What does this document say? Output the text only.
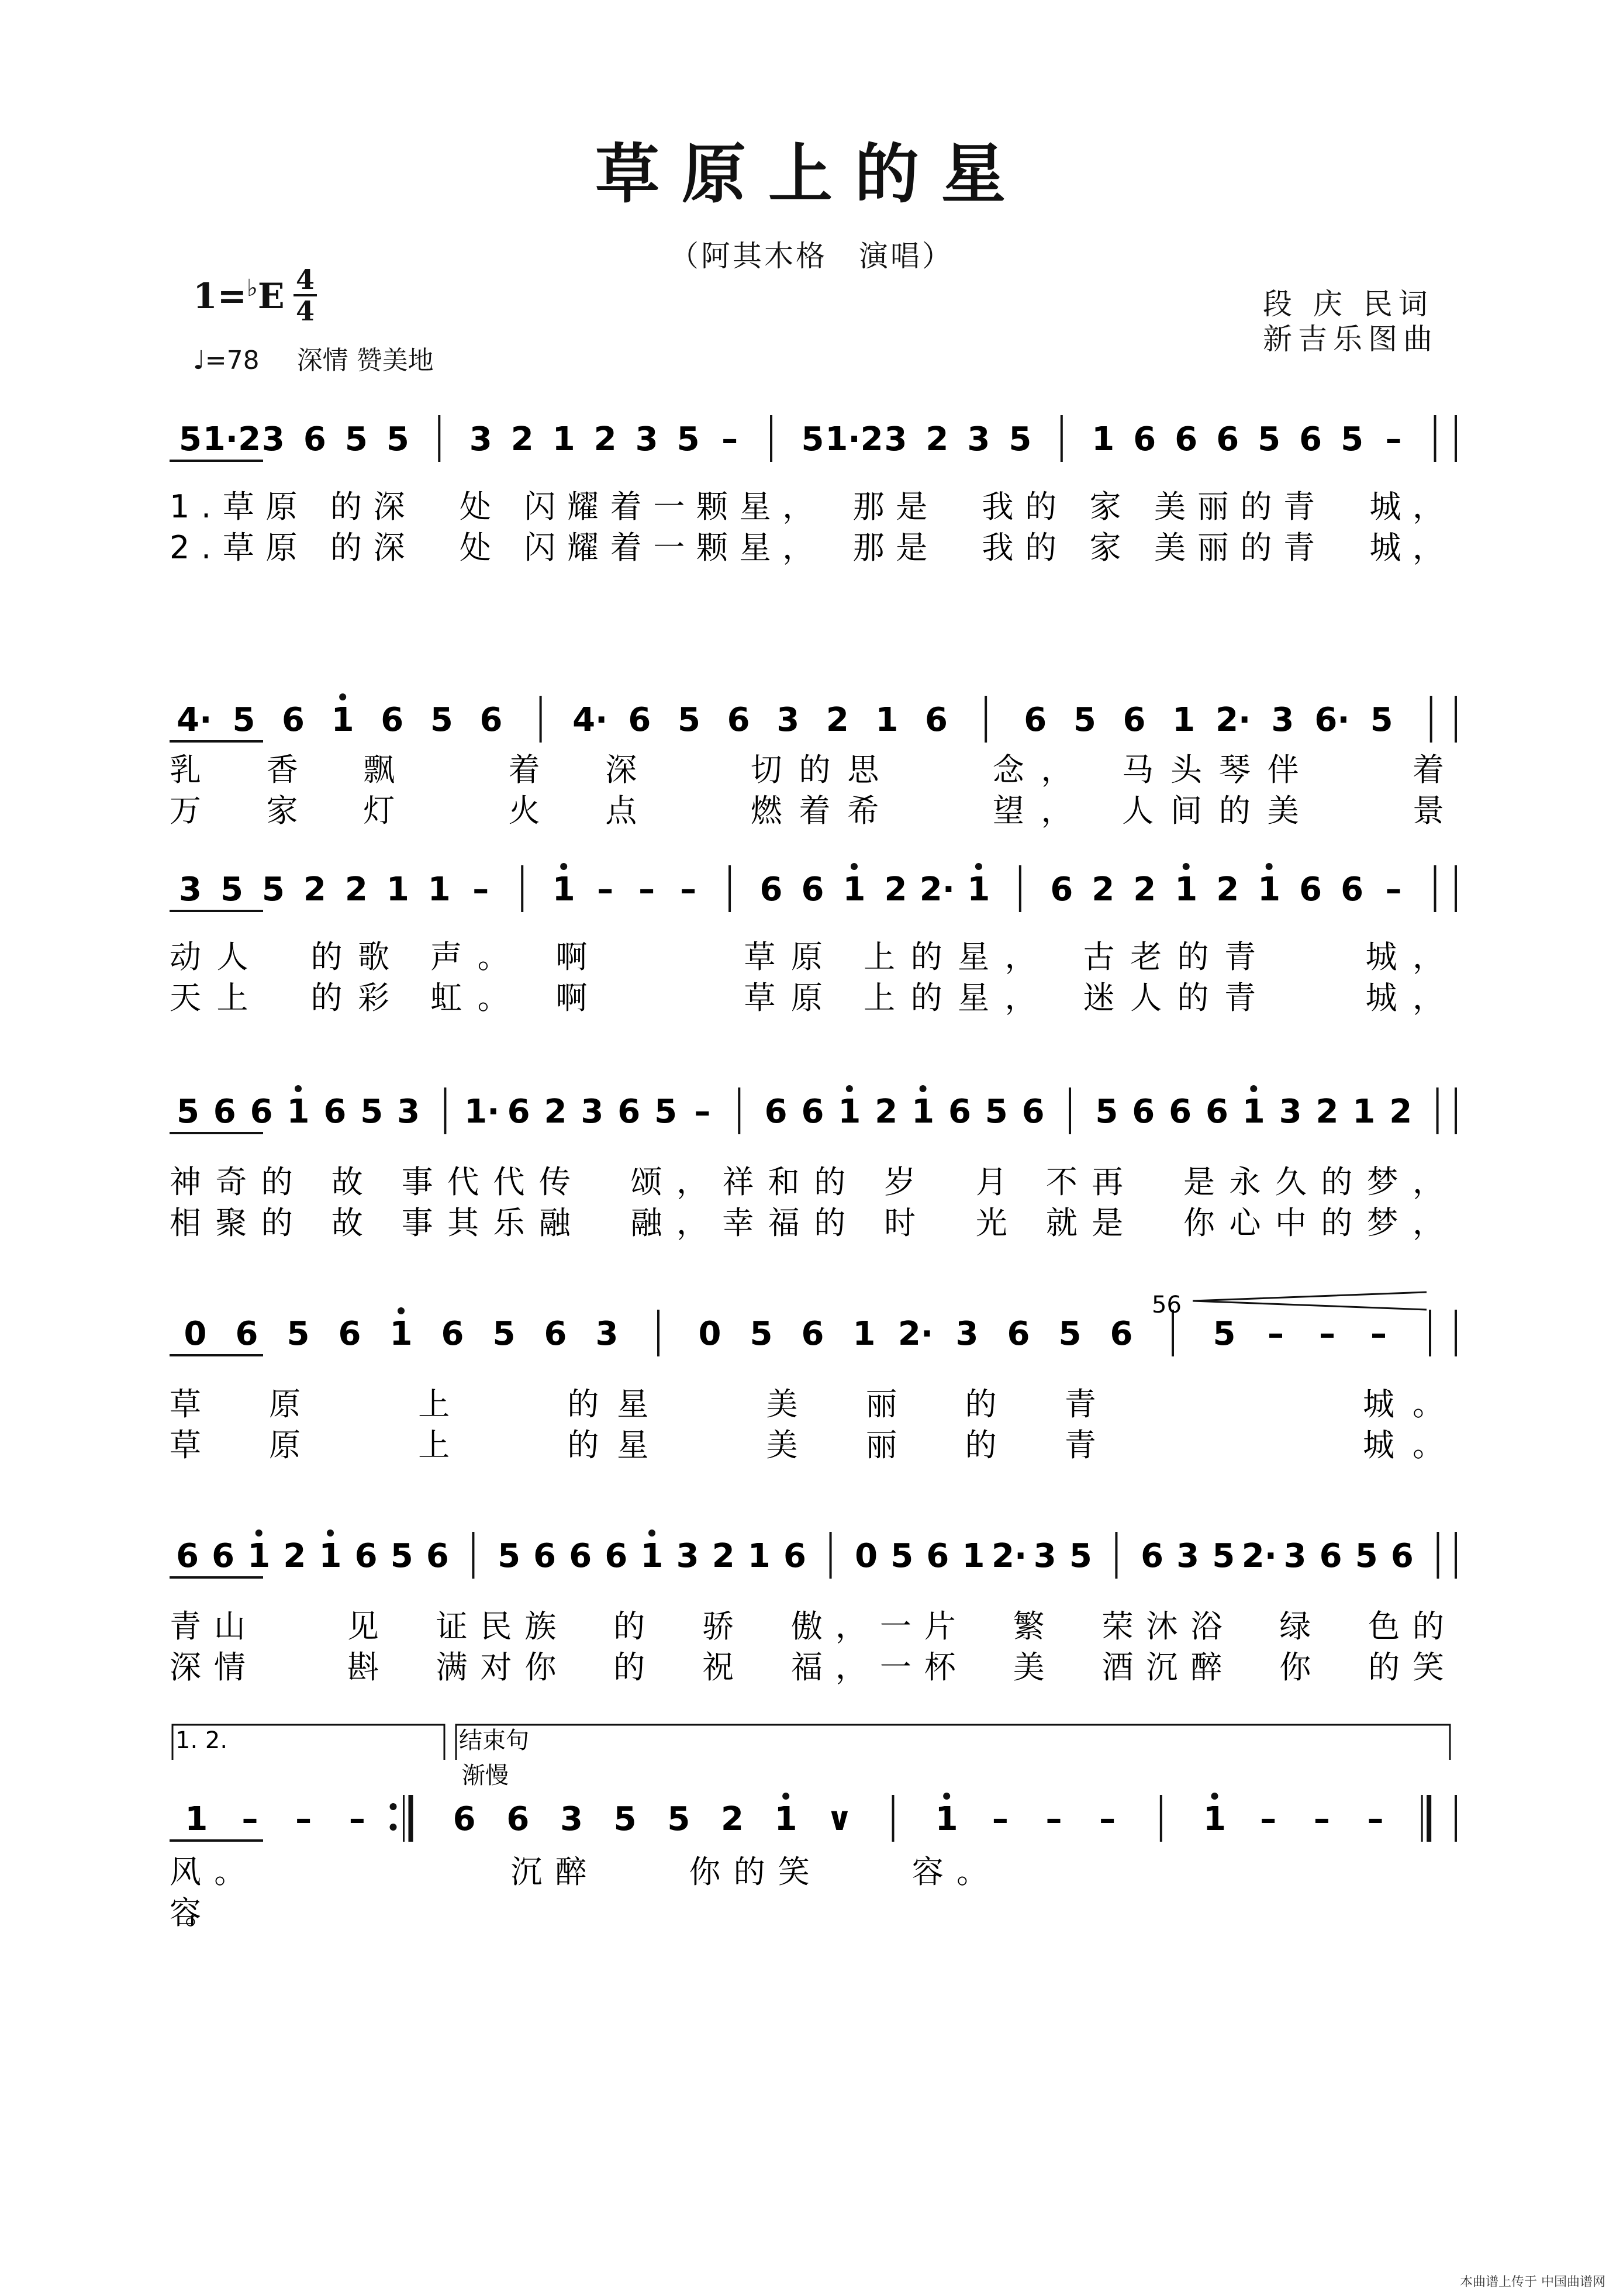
草原上的星
（阿其木格　演唱）
1=♭E 4
4
♩=78 深情 赞美地
段 庆 民词
新吉乐图曲
5 1·2 3 6 5 5 3 2 1 2 3 5 – 5 1·2 3 2 3 5 1 6 6 6 5 6 5 –
1.草原 的深　处 闪耀着一颗星，　那是　我的 家 美丽的青　城，
2.草原 的深　处 闪耀着一颗星，　那是　我的 家 美丽的青　城，
4· 5 6 1 6 5 6 4· 6 5 6 3 2 1 6 6 5 6 1 2· 3 6· 5
乳　香　飘　　着　深　　切的思　　念，　马头琴伴　　着
万　家　灯　　火　点　　燃着希　　望，　人间的美　　景
3 5 5 2 2 1 1 – 1 – – – 6 6 1 2 2· 1 6 2 2 1 2 1 6 6 –
动人　的歌 声。　啊　　　草原 上的星，　古老的青　　城，
天上　的彩 虹。　啊　　　草原 上的星，　迷人的青　　城，
5 6 6 1 6 5 3 1· 6 2 3 6 5 – 6 6 1 2 1 6 5 6 5 6 6 6 1 3 2 1 2
神奇的 故 事代代传　颂，祥和的 岁　月 不再　是永久的梦，
相聚的 故 事其乐融　融，幸福的 时　光 就是　你心中的梦，
0 6 5 6 1 6 5 6 3 0 5 6 1 2· 3 6 5 6 5 – – –
草　原　　上　　的星　　美　丽　的　青　　　　　城。
草　原　　上　　的星　　美　丽　的　青　　　　　城。
56
6 6 1 2 1 6 5 6 5 6 6 6 1 3 2 1 6 0 5 6 1 2· 3 5 6 3 5 2· 3 6 5 6
青山　　见　证民族　的　骄　傲，一片　繁　荣沐浴　绿　色的
深情　　斟　满对你　的　祝　福，一杯　美　酒沉醉　你　的笑
1 – – –	6 6 3 5 5 2 1 ∨	1 – – –	1 – – –
风。　　　　　　沉醉　　你的笑　　容。
容。
1. 2.	结束句
渐慢
本曲谱上传于 中国曲谱网
